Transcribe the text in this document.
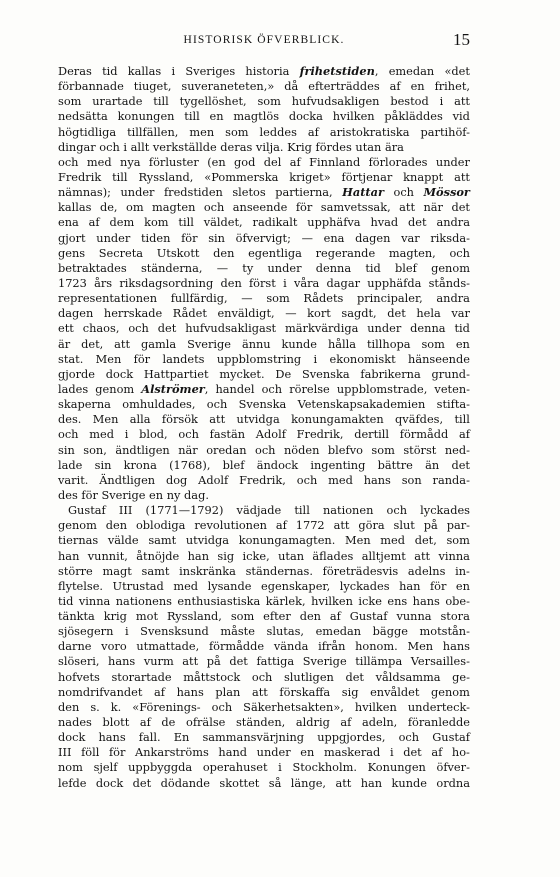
HISTORISK ÖFVERBLICK.	15
Deras tid kallas i Sveriges historia frihetstiden, emedan «det
förbannade tiuget, suveraneteten,» då efterträddes af en frihet,
som urartade till tygellöshet, som hufvudsakligen bestod i att
nedsätta konungen till en magtlös docka hvilken påkläddes vid
högtidliga tillfällen, men som leddes af aristokratiska partihöf-
dingar och i allt verkställde deras vilja. Krig fördes utan ära
och med nya förluster (en god del af Finnland förlorades under
Fredrik till Ryssland, «Pommerska kriget» förtjenar knappt att
nämnas); under fredstiden sletos partierna, Hattar och Mössor
kallas de, om magten och anseende för samvetssak, att när det
ena af dem kom till väldet, radikalt upphäfva hvad det andra
gjort under tiden för sin öfvervigt; — ena dagen var riksda-
gens Secreta Utskott den egentliga regerande magten, och
betraktades ständerna, — ty under denna tid blef genom
1723 års riksdagsordning den först i våra dagar upphäfda stånds-
representationen fullfärdig, — som Rådets principaler, andra
dagen herrskade Rådet enväldigt, — kort sagdt, det hela var
ett chaos, och det hufvudsakligast märkvärdiga under denna tid
är det, att gamla Sverige ännu kunde hålla tillhopa som en
stat. Men för landets uppblomstring i ekonomiskt hänseende
gjorde dock Hattpartiet mycket. De Svenska fabrikerna grund-
lades genom Alströmer, handel och rörelse uppblomstrade, veten-
skaperna omhuldades, och Svenska Vetenskapsakademien stifta-
des. Men alla försök att utvidga konungamakten qväfdes, till
och med i blod, och fastän Adolf Fredrik, dertill förmådd af
sin son, ändtligen när oredan och nöden blefvo som störst ned-
lade sin krona (1768), blef ändock ingenting bättre än det
varit. Ändtligen dog Adolf Fredrik, och med hans son randa-
des för Sverige en ny dag.
Gustaf III (1771—1792) vädjade till nationen och lyckades
genom den oblodiga revolutionen af 1772 att göra slut på par-
tiernas välde samt utvidga konungamagten. Men med det, som
han vunnit, åtnöjde han sig icke, utan äflades alltjemt att vinna
större magt samt inskränka ständernas. företrädesvis adelns in-
flytelse. Utrustad med lysande egenskaper, lyckades han för en
tid vinna nationens enthusiastiska kärlek, hvilken icke ens hans obe-
tänkta krig mot Ryssland, som efter den af Gustaf vunna stora
sjösegern i Svensksund måste slutas, emedan bägge motstån-
darne voro utmattade, förmådde vända ifrån honom. Men hans
slöseri, hans vurm att på det fattiga Sverige tillämpa Versailles-
hofvets storartade måttstock och slutligen det våldsamma ge-
nomdrifvandet af hans plan att förskaffa sig envåldet genom
den s. k. «Förenings- och Säkerhetsakten», hvilken underteck-
nades blott af de ofrälse ständen, aldrig af adeln, föranledde
dock hans fall. En sammansvärjning uppgjordes, och Gustaf
III föll för Ankarströms hand under en maskerad i det af ho-
nom sjelf uppbyggda operahuset i Stockholm. Konungen öfver-
lefde dock det dödande skottet så länge, att han kunde ordna
